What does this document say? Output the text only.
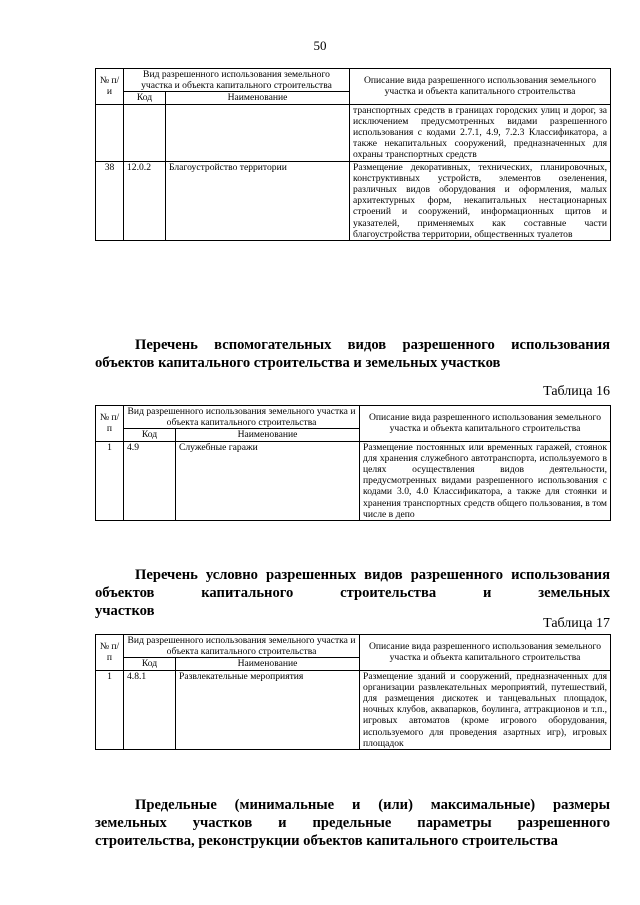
50
№ п/и	Вид разрешенного использования земельного участка и объекта капитального строительства		Описание вида разрешенного использования земельного участка и объекта капитального строительства
	Код	Наименование	
			транспортных средств в границах городских улиц и дорог, за исключением предусмотренных видами разрешенного использования с кодами 2.7.1, 4.9, 7.2.3 Классификатора, а также некапитальных сооружений, предназначенных для охраны транспортных средств
38	12.0.2	Благоустройство территории	Размещение декоративных, технических, планировочных, конструктивных устройств, элементов озеленения, различных видов оборудования и оформления, малых архитектурных форм, некапитальных нестационарных строений и сооружений, информационных щитов и указателей, применяемых как составные части благоустройства территории, общественных туалетов
Перечень вспомогательных видов разрешенного использования
объектов капитального строительства и земельных участков
Таблица 16
№ п/п	Вид разрешенного использования земельного участка и объекта капитального строительства		Описание вида разрешенного использования земельного участка и объекта капитального строительства
	Код	Наименование	
1	4.9	Служебные гаражи	Размещение постоянных или временных гаражей, стоянок для хранения служебного автотранспорта, используемого в целях осуществления видов деятельности, предусмотренных видами разрешенного использования с кодами 3.0, 4.0 Классификатора, а также для стоянки и хранения транспортных средств общего пользования, в том числе в депо
Перечень условно разрешенных видов разрешенного использования объектов капитального строительства и земельных
участков
Таблица 17
№ п/п	Вид разрешенного использования земельного участка и объекта капитального строительства		Описание вида разрешенного использования земельного участка и объекта капитального строительства
	Код	Наименование	
1	4.8.1	Развлекательные мероприятия	Размещение зданий и сооружений, предназначенных для организации развлекательных мероприятий, путешествий, для размещения дискотек и танцевальных площадок, ночных клубов, аквапарков, боулинга, аттракционов и т.п., игровых автоматов (кроме игрового оборудования, используемого для проведения азартных игр), игровых площадок
Предельные (минимальные и (или) максимальные) размеры земельных участков и предельные параметры разрешенного
строительства, реконструкции объектов капитального строительства
